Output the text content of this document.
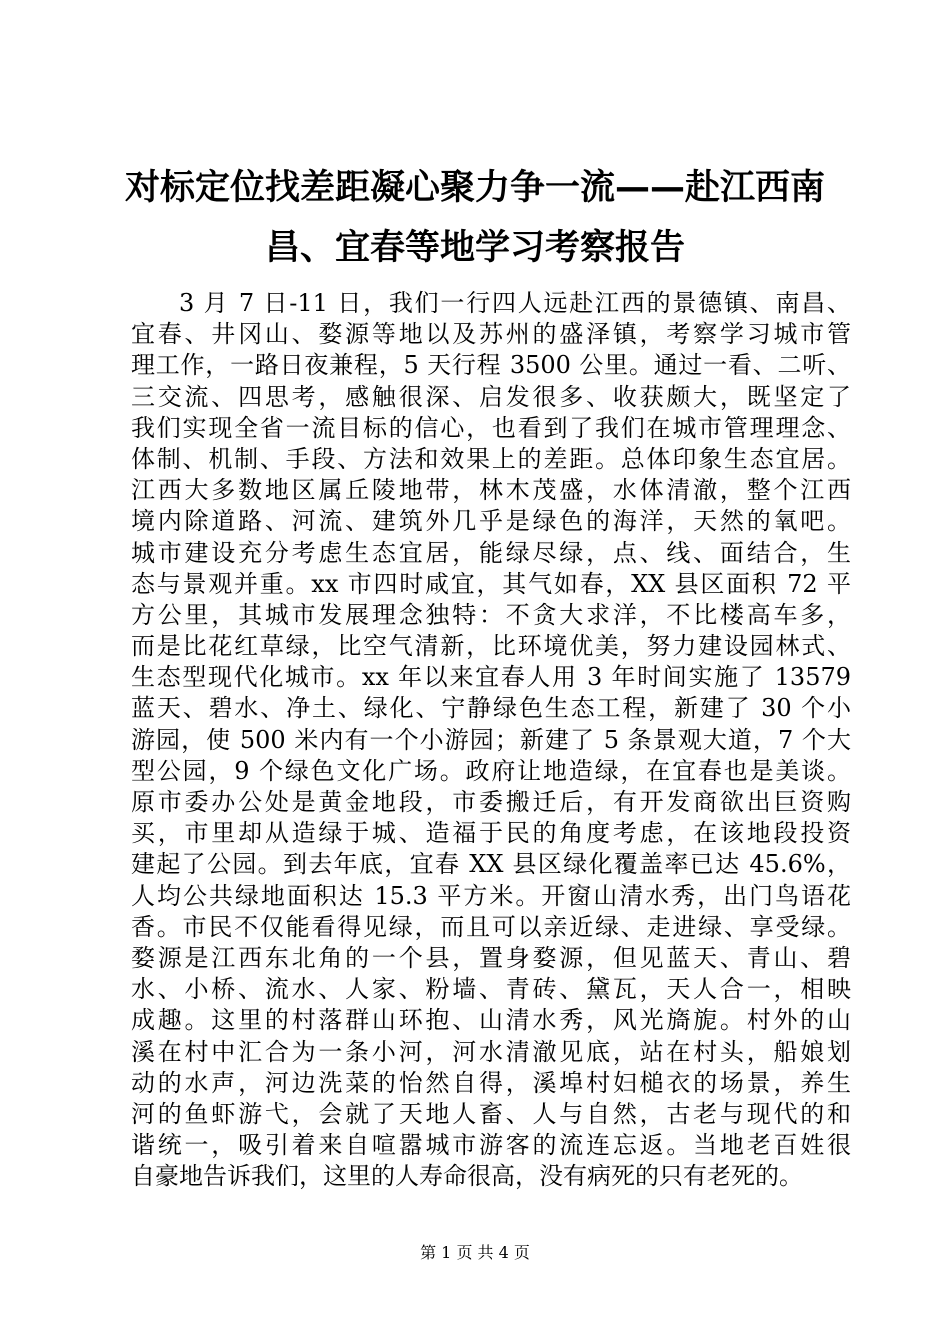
对标定位找差距凝心聚力争一流——赴江西南
昌、宜春等地学习考察报告
3 月 7 日-11 日，我们一行四人远赴江西的景德镇、南昌、
宜春、井冈山、婺源等地以及苏州的盛泽镇，考察学习城市管
理工作，一路日夜兼程，5 天行程 3500 公里。通过一看、二听、
三交流、四思考，感触很深、启发很多、收获颇大，既坚定了
我们实现全省一流目标的信心，也看到了我们在城市管理理念、
体制、机制、手段、方法和效果上的差距。总体印象生态宜居。
江西大多数地区属丘陵地带，林木茂盛，水体清澈，整个江西
境内除道路、河流、建筑外几乎是绿色的海洋，天然的氧吧。
城市建设充分考虑生态宜居，能绿尽绿，点、线、面结合，生
态与景观并重。xx 市四时咸宜，其气如春，XX 县区面积 72 平
方公里，其城市发展理念独特：不贪大求洋，不比楼高车多，
而是比花红草绿，比空气清新，比环境优美，努力建设园林式、
生态型现代化城市。xx 年以来宜春人用 3 年时间实施了 13579
蓝天、碧水、净土、绿化、宁静绿色生态工程，新建了 30 个小
游园，使 500 米内有一个小游园；新建了 5 条景观大道，7 个大
型公园，9 个绿色文化广场。政府让地造绿，在宜春也是美谈。
原市委办公处是黄金地段，市委搬迁后，有开发商欲出巨资购
买，市里却从造绿于城、造福于民的角度考虑，在该地段投资
建起了公园。到去年底，宜春 XX 县区绿化覆盖率已达 45.6%，
人均公共绿地面积达 15.3 平方米。开窗山清水秀，出门鸟语花
香。市民不仅能看得见绿，而且可以亲近绿、走进绿、享受绿。
婺源是江西东北角的一个县，置身婺源，但见蓝天、青山、碧
水、小桥、流水、人家、粉墙、青砖、黛瓦，天人合一，相映
成趣。这里的村落群山环抱、山清水秀，风光旖旎。村外的山
溪在村中汇合为一条小河，河水清澈见底，站在村头，船娘划
动的水声，河边洗菜的怡然自得，溪埠村妇槌衣的场景，养生
河的鱼虾游弋，会就了天地人畜、人与自然，古老与现代的和
谐统一，吸引着来自喧嚣城市游客的流连忘返。当地老百姓很
自豪地告诉我们，这里的人寿命很高，没有病死的只有老死的。
第 1 页 共 4 页
